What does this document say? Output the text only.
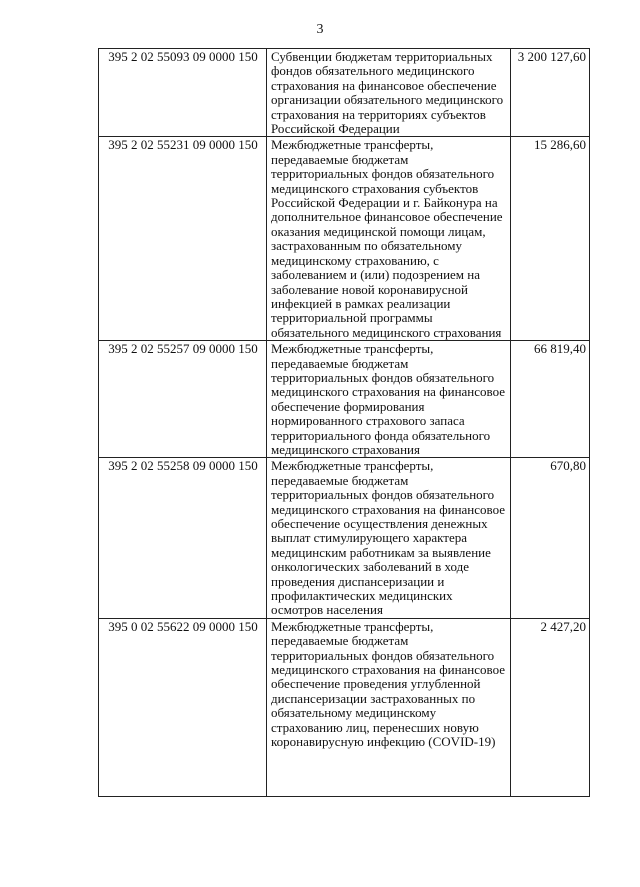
3
395 2 02 55093 09 0000 150	Субвенции бюджетам территориальных фондов обязательного медицинского страхования на финансовое обеспечение организации обязательного медицинского страхования на территориях субъектов Российской Федерации	3 200 127,60
395 2 02 55231 09 0000 150	Межбюджетные трансферты, передаваемые бюджетам территориальных фондов обязательного медицинского страхования субъектов Российской Федерации и г. Байконура на дополнительное финансовое обеспечение оказания медицинской помощи лицам, застрахованным по обязательному медицинскому страхованию, с заболеванием и (или) подозрением на заболевание новой коронавирусной инфекцией в рамках реализации территориальной программы обязательного медицинского страхования	15 286,60
395 2 02 55257 09 0000 150	Межбюджетные трансферты, передаваемые бюджетам территориальных фондов обязательного медицинского страхования на финансовое обеспечение формирования нормированного страхового запаса территориального фонда обязательного медицинского страхования	66 819,40
395 2 02 55258 09 0000 150	Межбюджетные трансферты, передаваемые бюджетам территориальных фондов обязательного медицинского страхования на финансовое обеспечение осуществления денежных выплат стимулирующего характера медицинским работникам за выявление онкологических заболеваний в ходе проведения диспансеризации и профилактических медицинских осмотров населения	670,80
395 0 02 55622 09 0000 150	Межбюджетные трансферты, передаваемые бюджетам территориальных фондов обязательного медицинского страхования на финансовое обеспечение проведения углубленной диспансеризации застрахованных по обязательному медицинскому страхованию лиц, перенесших новую коронавирусную инфекцию (COVID-19)	2 427,20
